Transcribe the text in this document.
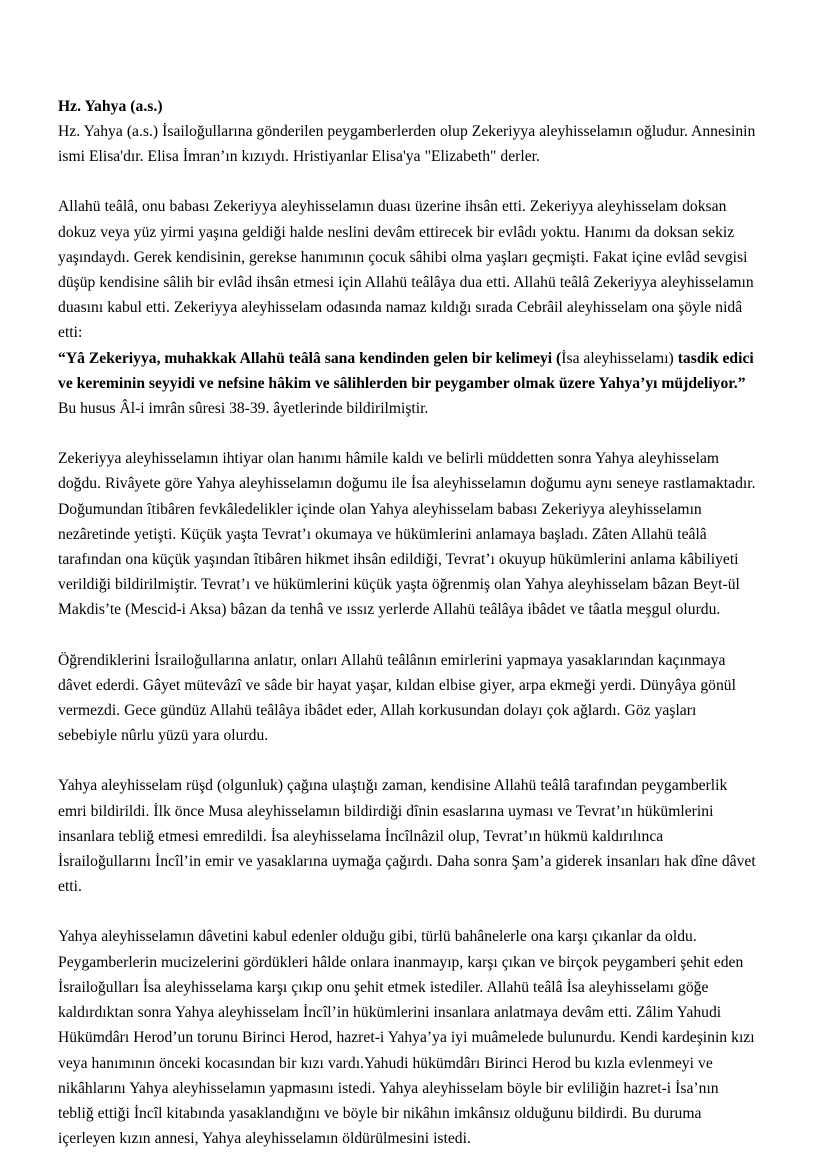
Hz. Yahya (a.s.)

Hz. Yahya (a.s.) İsailoğullarına gönderilen peygamberlerden olup Zekeriyya aleyhisselamın oğludur. Annesinin ismi Elisa'dır. Elisa İmran’ın kızıydı. Hristiyanlar Elisa'ya "Elizabeth" derler.

Allahü teâlâ, onu babası Zekeriyya aleyhisselamın duası üzerine ihsân etti. Zekeriyya aleyhisselam doksan dokuz veya yüz yirmi yaşına geldiği halde neslini devâm ettirecek bir evlâdı yoktu. Hanımı da doksan sekiz yaşındaydı. Gerek kendisinin, gerekse hanımının çocuk sâhibi olma yaşları geçmişti. Fakat içine evlâd sevgisi düşüp kendisine sâlih bir evlâd ihsân etmesi için Allahü teâlâya dua etti. Allahü teâlâ Zekeriyya aleyhisselamın duasını kabul etti. Zekeriyya aleyhisselam odasında namaz kıldığı sırada Cebrâil aleyhisselam ona şöyle nidâ etti:

“Yâ Zekeriyya, muhakkak Allahü teâlâ sana kendinden gelen bir kelimeyi (İsa aleyhisselamı) tasdik edici ve kereminin seyyidi ve nefsine hâkim ve sâlihlerden bir peygamber olmak üzere Yahya’yı müjdeliyor.”

Bu husus Âl-i imrân sûresi 38-39. âyetlerinde bildirilmiştir.

Zekeriyya aleyhisselamın ihtiyar olan hanımı hâmile kaldı ve belirli müddetten sonra Yahya aleyhisselam doğdu. Rivâyete göre Yahya aleyhisselamın doğumu ile İsa aleyhisselamın doğumu aynı seneye rastlamaktadır. Doğumundan îtibâren fevkâledelikler içinde olan Yahya aleyhisselam babası Zekeriyya aleyhisselamın nezâretinde yetişti. Küçük yaşta Tevrat’ı okumaya ve hükümlerini anlamaya başladı. Zâten Allahü teâlâ tarafından ona küçük yaşından îtibâren hikmet ihsân edildiği, Tevrat’ı okuyup hükümlerini anlama kâbiliyeti verildiği bildirilmiştir. Tevrat’ı ve hükümlerini küçük yaşta öğrenmiş olan Yahya aleyhisselam bâzan Beyt-ül Makdis’te (Mescid-i Aksa) bâzan da tenhâ ve ıssız yerlerde Allahü teâlâya ibâdet ve tâatla meşgul olurdu.

Öğrendiklerini İsrailoğullarına anlatır, onları Allahü teâlânın emirlerini yapmaya yasaklarından kaçınmaya dâvet ederdi. Gâyet mütevâzî ve sâde bir hayat yaşar, kıldan elbise giyer, arpa ekmeği yerdi. Dünyâya gönül vermezdi. Gece gündüz Allahü teâlâya ibâdet eder, Allah korkusundan dolayı çok ağlardı. Göz yaşları sebebiyle nûrlu yüzü yara olurdu.

Yahya aleyhisselam rüşd (olgunluk) çağına ulaştığı zaman, kendisine Allahü teâlâ tarafından peygamberlik emri bildirildi. İlk önce Musa aleyhisselamın bildirdiği dînin esaslarına uyması ve Tevrat’ın hükümlerini insanlara tebliğ etmesi emredildi. İsa aleyhisselama İncîlnâzil olup, Tevrat’ın hükmü kaldırılınca İsrailoğullarını İncîl’in emir ve yasaklarına uymağa çağırdı. Daha sonra Şam’a giderek insanları hak dîne dâvet etti.

Yahya aleyhisselamın dâvetini kabul edenler olduğu gibi, türlü bahânelerle ona karşı çıkanlar da oldu. Peygamberlerin mucizelerini gördükleri hâlde onlara inanmayıp, karşı çıkan ve birçok peygamberi şehit eden İsrailoğulları İsa aleyhisselama karşı çıkıp onu şehit etmek istediler. Allahü teâlâ İsa aleyhisselamı göğe kaldırdıktan sonra Yahya aleyhisselam İncîl’in hükümlerini insanlara anlatmaya devâm etti. Zâlim Yahudi Hükümdârı Herod’un torunu Birinci Herod, hazret-i Yahya’ya iyi muâmelede bulunurdu. Kendi kardeşinin kızı veya hanımının önceki kocasından bir kızı vardı.Yahudi hükümdârı Birinci Herod bu kızla evlenmeyi ve nikâhlarını Yahya aleyhisselamın yapmasını istedi. Yahya aleyhisselam böyle bir evliliğin hazret-i İsa’nın tebliğ ettiği İncîl kitabında yasaklandığını ve böyle bir nikâhın imkânsız olduğunu bildirdi. Bu duruma içerleyen kızın annesi, Yahya aleyhisselamın öldürülmesini istedi.
